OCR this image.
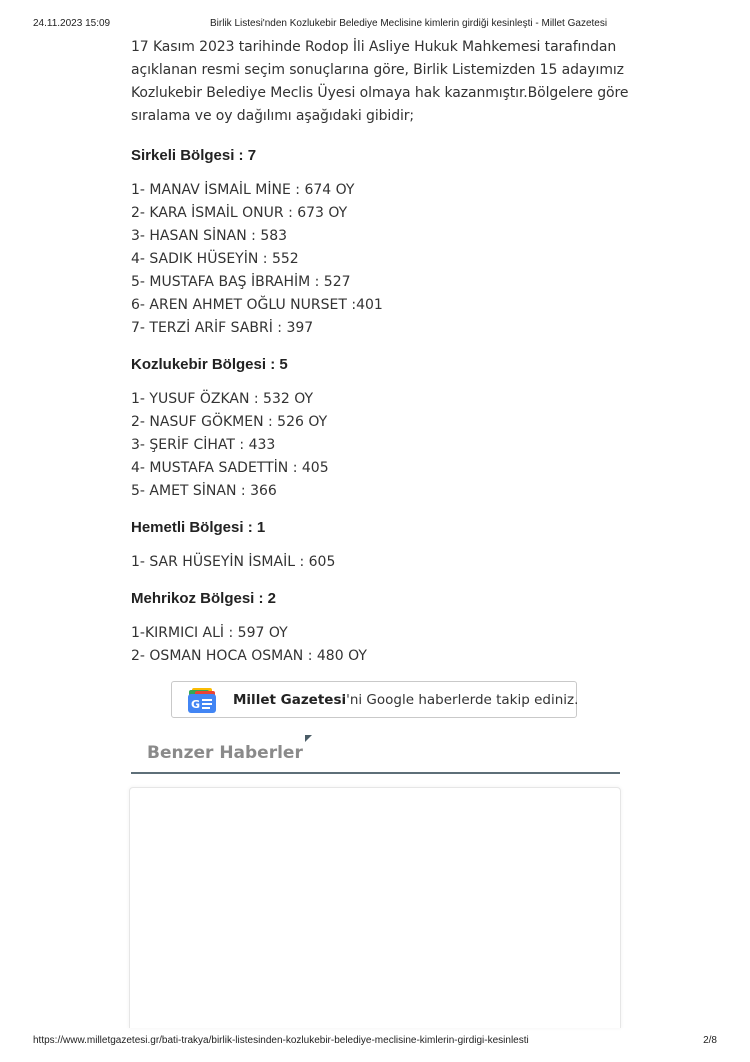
24.11.2023 15:09	Birlik Listesi'nden Kozlukebir Belediye Meclisine kimlerin girdiği kesinleşti - Millet Gazetesi

17 Kasım 2023 tarihinde Rodop İli Asliye Hukuk Mahkemesi tarafından
açıklanan resmi seçim sonuçlarına göre, Birlik Listemizden 15 adayımız
Kozlukebir Belediye Meclis Üyesi olmaya hak kazanmıştır.Bölgelere göre
sıralama ve oy dağılımı aşağıdaki gibidir;

Sirkeli Bölgesi : 7
1- MANAV İSMAİL MİNE : 674 OY
2- KARA İSMAİL ONUR : 673 OY
3- HASAN SİNAN : 583
4- SADIK HÜSEYİN : 552
5- MUSTAFA BAŞ İBRAHİM : 527
6- AREN AHMET OĞLU NURSET :401
7- TERZİ ARİF SABRİ : 397
Kozlukebir Bölgesi : 5
1- YUSUF ÖZKAN : 532 OY
2- NASUF GÖKMEN : 526 OY
3- ŞERİF CİHAT : 433
4- MUSTAFA SADETTİN : 405
5- AMET SİNAN : 366
Hemetli Bölgesi : 1
1- SAR HÜSEYİN İSMAİL : 605
Mehrikoz Bölgesi : 2
1-KIRMICI ALİ : 597 OY
2- OSMAN HOCA OSMAN : 480 OY
G Millet Gazetesi'ni Google haberlerde takip ediniz.
Benzer Haberler
https://www.milletgazetesi.gr/bati-trakya/birlik-listesinden-kozlukebir-belediye-meclisine-kimlerin-girdigi-kesinlesti	2/8
